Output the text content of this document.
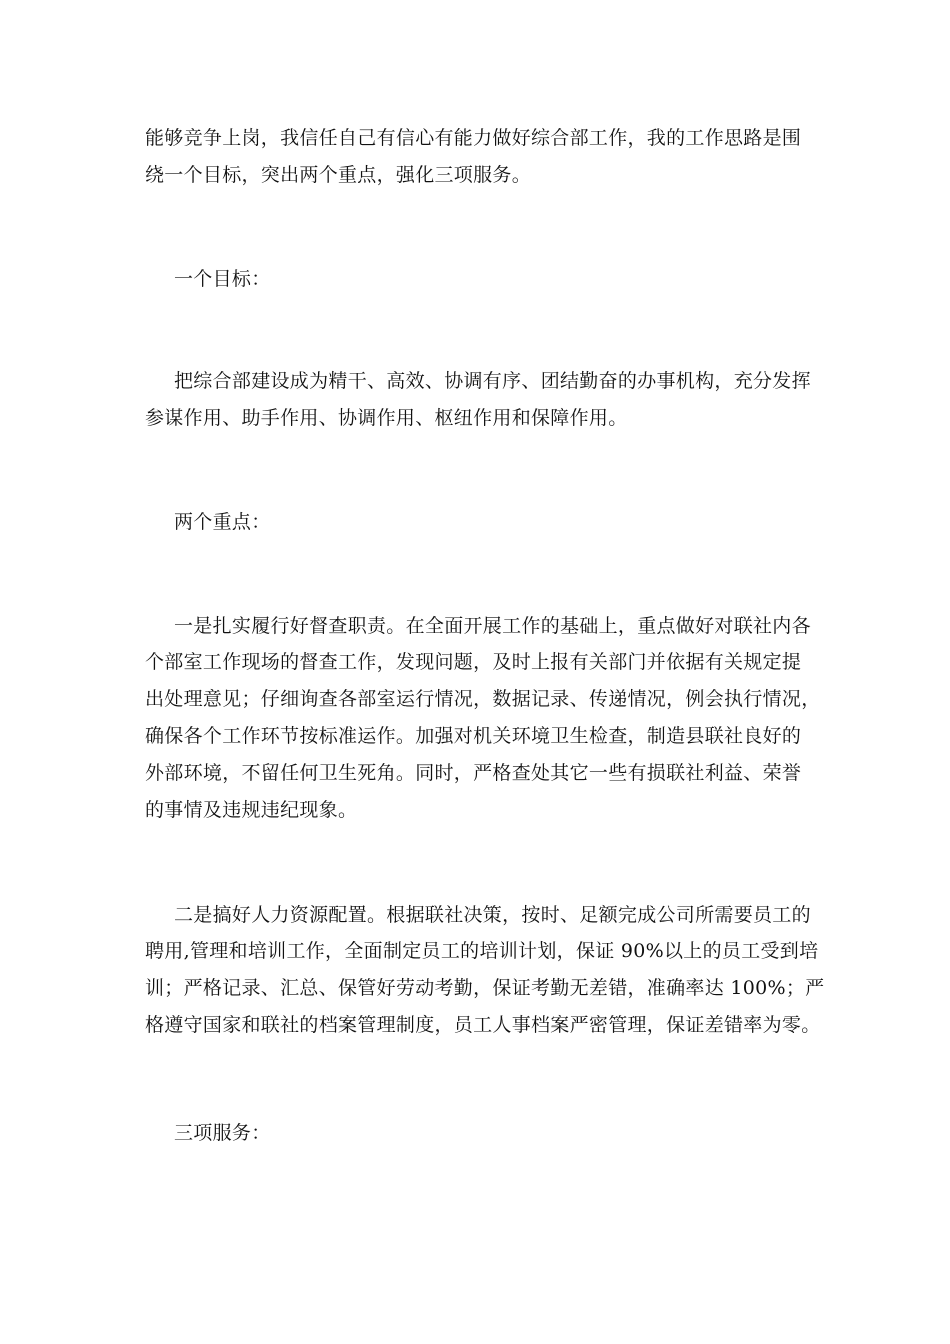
能够竞争上岗，我信任自己有信心有能力做好综合部工作，我的工作思路是围
绕一个目标，突出两个重点，强化三项服务。
一个目标：
把综合部建设成为精干、高效、协调有序、团结勤奋的办事机构，充分发挥
参谋作用、助手作用、协调作用、枢纽作用和保障作用。
两个重点：
一是扎实履行好督查职责。在全面开展工作的基础上，重点做好对联社内各
个部室工作现场的督查工作，发现问题，及时上报有关部门并依据有关规定提
出处理意见；仔细询查各部室运行情况，数据记录、传递情况，例会执行情况，
确保各个工作环节按标准运作。加强对机关环境卫生检查，制造县联社良好的
外部环境，不留任何卫生死角。同时，严格查处其它一些有损联社利益、荣誉
的事情及违规违纪现象。
二是搞好人力资源配置。根据联社决策，按时、足额完成公司所需要员工的
聘用,管理和培训工作，全面制定员工的培训计划，保证 90%以上的员工受到培
训；严格记录、汇总、保管好劳动考勤，保证考勤无差错，准确率达 100%；严
格遵守国家和联社的档案管理制度，员工人事档案严密管理，保证差错率为零。
三项服务：
